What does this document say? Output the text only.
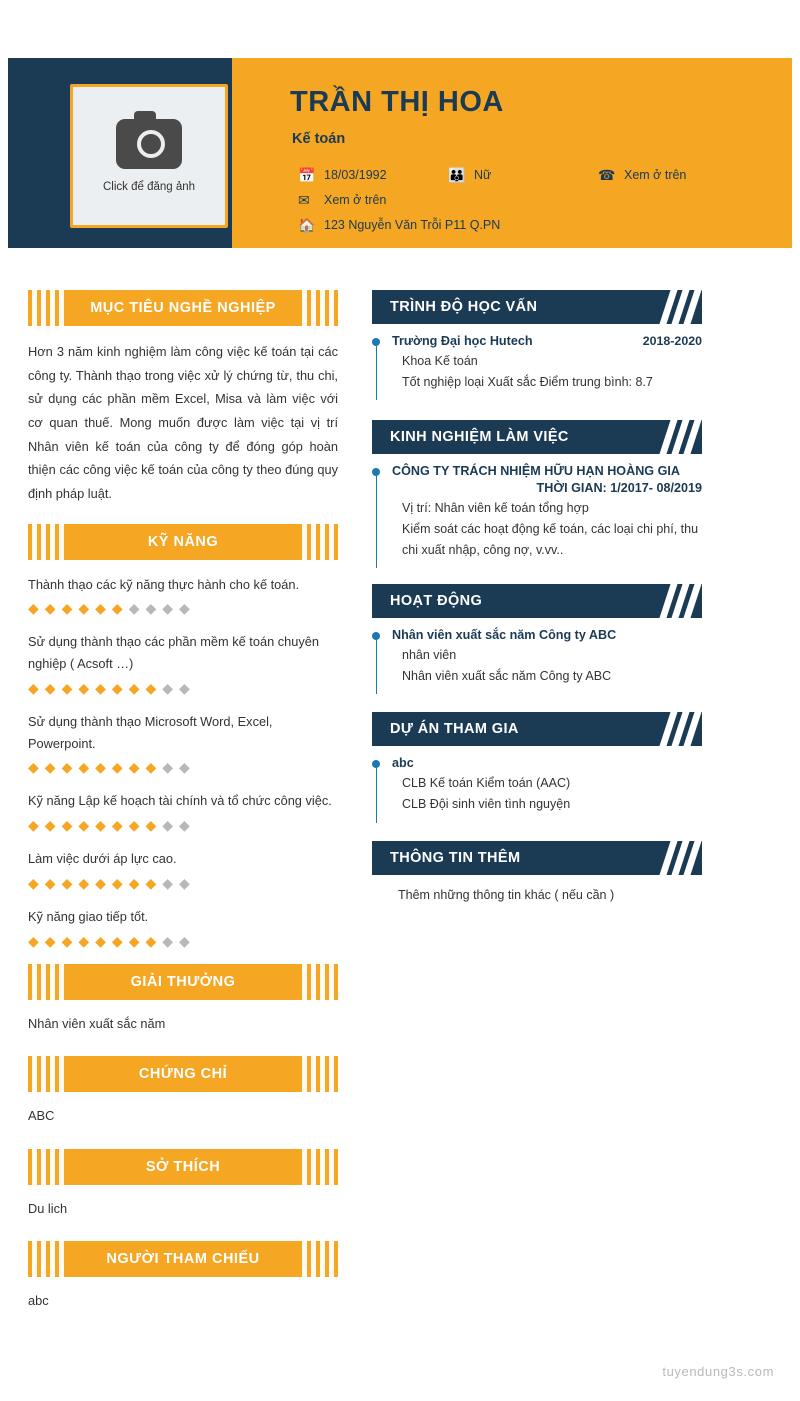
Click để đăng ảnh
TRẦN THỊ HOA
Kế toán
📅 18/03/1992	👪 Nữ	☎ Xem ở trên
✉	Xem ở trên
🏠 123 Nguyễn Văn Trỗi P11 Q.PN
MỤC TIÊU NGHỀ NGHIỆP

Hơn 3 năm kinh nghiệm làm công việc kế toán tại các công ty. Thành thạo trong việc xử lý chứng từ, thu chi, sử dụng các phần mềm Excel, Misa và làm việc với cơ quan thuế. Mong muốn được làm việc tại vị trí Nhân viên kế toán của công ty để đóng góp hoàn thiện các công việc kế toán của công ty theo đúng quy định pháp luật.

KỸ NĂNG

Thành thạo các kỹ năng thực hành cho kế toán.

◆◆◆◆◆◆◆◆◆◆

Sử dụng thành thạo các phần mềm kế toán chuyên nghiệp ( Acsoft …)

◆◆◆◆◆◆◆◆◆◆

Sử dụng thành thạo Microsoft Word, Excel, Powerpoint.

◆◆◆◆◆◆◆◆◆◆

Kỹ năng Lập kế hoạch tài chính và tổ chức công việc.

◆◆◆◆◆◆◆◆◆◆

Làm việc dưới áp lực cao.

◆◆◆◆◆◆◆◆◆◆

Kỹ năng giao tiếp tốt.

◆◆◆◆◆◆◆◆◆◆
GIẢI THƯỞNG

Nhân viên xuất sắc năm

CHỨNG CHỈ

ABC

SỞ THÍCH

Du lich

NGƯỜI THAM CHIẾU

abc

TRÌNH ĐỘ HỌC VẤN
2018-2020
Trường Đại học Hutech
Khoa Kế toán
Tốt nghiệp loại Xuất sắc Điểm trung bình: 8.7
KINH NGHIỆM LÀM VIỆC
CÔNG TY TRÁCH NHIỆM HỮU HẠN HOÀNG GIA
THỜI GIAN: 1/2017- 08/2019
Vị trí: Nhân viên kế toán tổng hợp
Kiểm soát các hoạt động kế toán, các loại chi phí, thu chi xuất nhập, công nợ, v.vv..
HOẠT ĐỘNG
Nhân viên xuất sắc năm Công ty ABC
nhân viên
Nhân viên xuất sắc năm Công ty ABC
DỰ ÁN THAM GIA
abc
CLB Kế toán Kiểm toán (AAC)
CLB Đội sinh viên tình nguyện
THÔNG TIN THÊM

Thêm những thông tin khác ( nếu cần )

tuyendung3s.com
